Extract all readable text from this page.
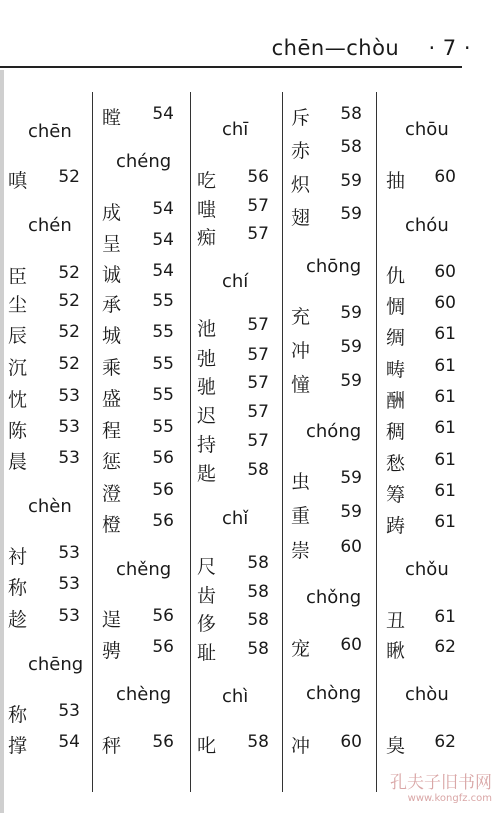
chēn—chòu · 7 ·
chēn
嗔	52
chén
臣	52
尘	52
辰	52
沉	52
忱	53
陈	53
晨	53
chèn
衬	53
称	53
趁	53
chēng
称	53
撑	54
瞠	54
chéng
成	54
呈	54
诚	54
承	55
城	55
乘	55
盛	55
程	55
惩	56
澄	56
橙	56
chěng
逞	56
骋	56
chèng
秤	56
chī
吃	56
嗤	57
痴	57
chí
池	57
弛	57
驰	57
迟	57
持	57
匙	58
chǐ
尺	58
齿	58
侈	58
耻	58
chì
叱	58
斥	58
赤	58
炽	59
翅	59
chōng
充	59
冲	59
憧	59
chóng
虫	59
重	59
崇	60
chǒng
宠	60
chòng
冲	60
chōu
抽	60
chóu
仇	60
惆	60
绸	61
畴	61
酬	61
稠	61
愁	61
筹	61
踌	61
chǒu
丑	61
瞅	62
chòu
臭	62
孔夫子旧书网
www.kongfz.com
